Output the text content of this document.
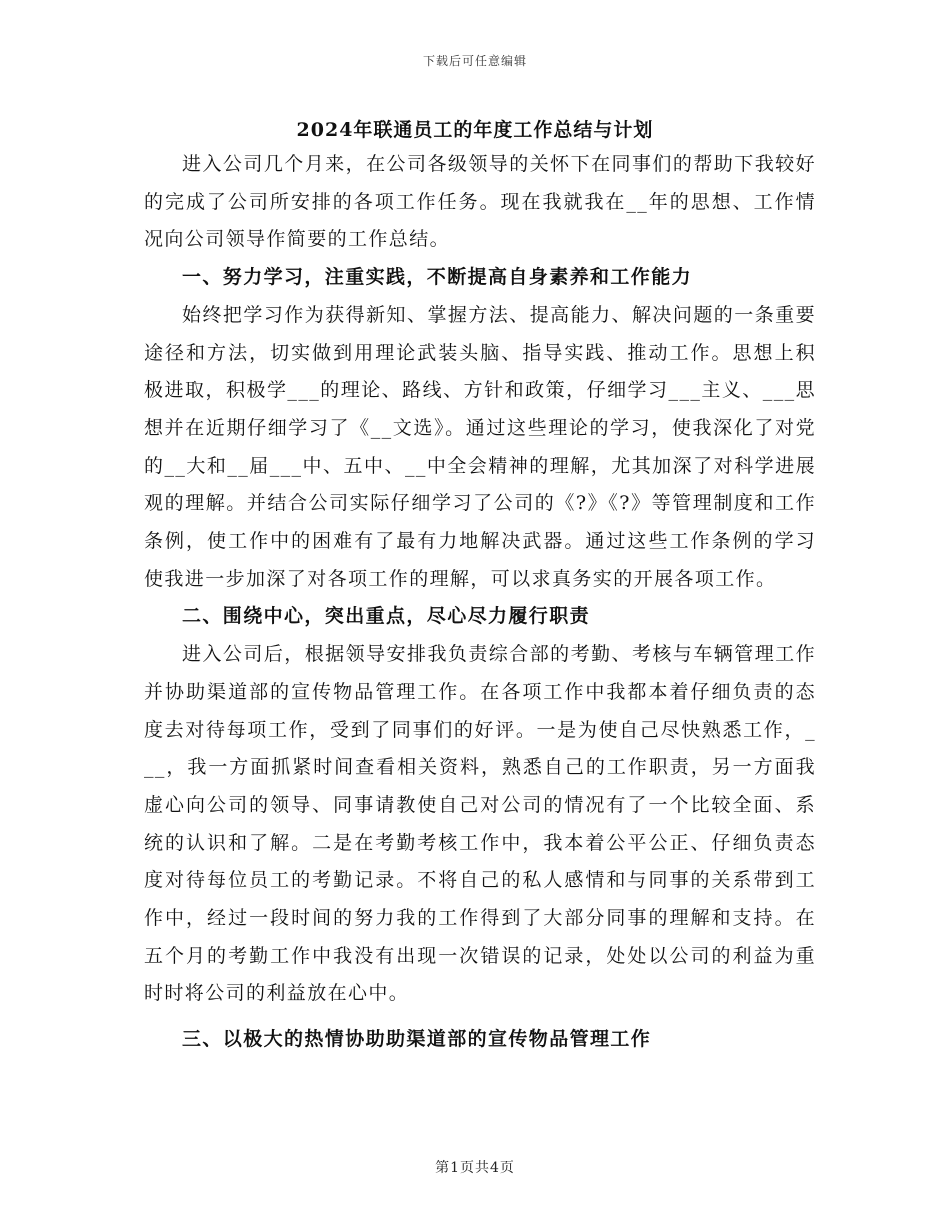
下载后可任意编辑
2024年联通员工的年度工作总结与计划

进入公司几个月来，在公司各级领导的关怀下在同事们的帮助下我较好的完成了公司所安排的各项工作任务。现在我就我在__年的思想、工作情况向公司领导作简要的工作总结。

一、努力学习，注重实践，不断提高自身素养和工作能力

始终把学习作为获得新知、掌握方法、提高能力、解决问题的一条重要途径和方法，切实做到用理论武装头脑、指导实践、推动工作。思想上积极进取，积极学___的理论、路线、方针和政策，仔细学习___主义、___思想并在近期仔细学习了《__文选》。通过这些理论的学习，使我深化了对党的__大和__届___中、五中、__中全会精神的理解，尤其加深了对科学进展观的理解。并结合公司实际仔细学习了公司的《?》《?》等管理制度和工作条例，使工作中的困难有了最有力地解决武器。通过这些工作条例的学习使我进一步加深了对各项工作的理解，可以求真务实的开展各项工作。

二、围绕中心，突出重点，尽心尽力履行职责

进入公司后，根据领导安排我负责综合部的考勤、考核与车辆管理工作并协助渠道部的宣传物品管理工作。在各项工作中我都本着仔细负责的态度去对待每项工作，受到了同事们的好评。一是为使自己尽快熟悉工作，___，我一方面抓紧时间查看相关资料，熟悉自己的工作职责，另一方面我虚心向公司的领导、同事请教使自己对公司的情况有了一个比较全面、系统的认识和了解。二是在考勤考核工作中，我本着公平公正、仔细负责态度对待每位员工的考勤记录。不将自己的私人感情和与同事的关系带到工作中，经过一段时间的努力我的工作得到了大部分同事的理解和支持。在五个月的考勤工作中我没有出现一次错误的记录，处处以公司的利益为重时时将公司的利益放在心中。

三、以极大的热情协助助渠道部的宣传物品管理工作

第1页共4页
